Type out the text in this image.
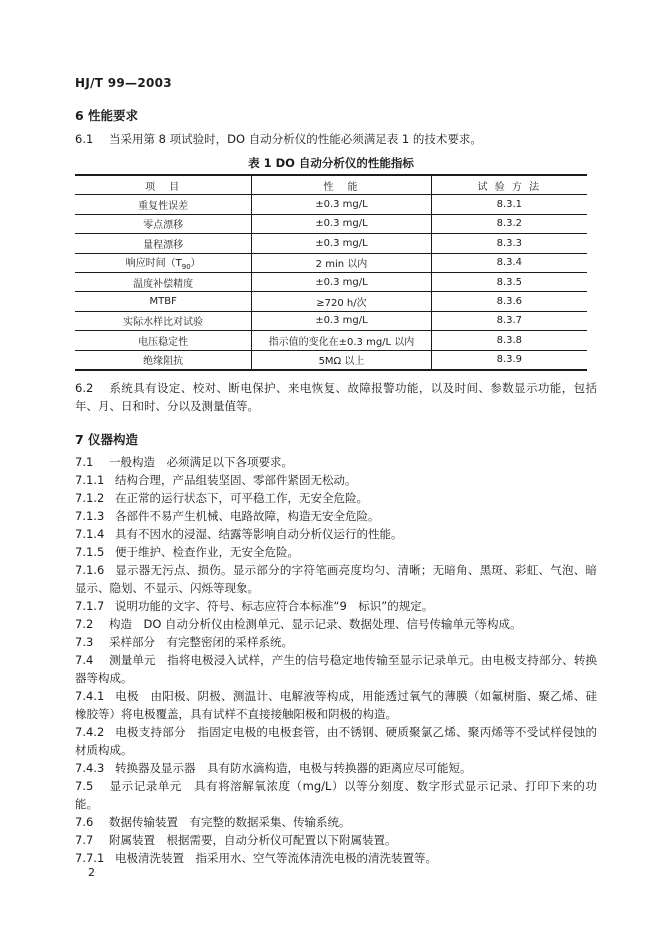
HJ/T 99—2003
6 性能要求
6.1 当采用第 8 项试验时，DO 自动分析仪的性能必须满足表 1 的技术要求。
表 1 DO 自动分析仪的性能指标
项　目	性　能	试 验 方 法
重复性误差	±0.3 mg/L	8.3.1
零点漂移	±0.3 mg/L	8.3.2
量程漂移	±0.3 mg/L	8.3.3
响应时间$(T_{90})$	2 min 以内	8.3.4
温度补偿精度	±0.3 mg/L	8.3.5
MTBF	≥720 h/次	8.3.6
实际水样比对试验	±0.3 mg/L	8.3.7
电压稳定性	指示值的变化在±0.3 mg/L 以内	8.3.8
绝缘阻抗	5MΩ 以上	8.3.9
6.2 系统具有设定、校对、断电保护、来电恢复、故障报警功能，以及时间、参数显示功能，包括年、月、日和时、分以及测量值等。
7 仪器构造
7.1 一般构造　必须满足以下各项要求。
7.1.1 结构合理，产品组装坚固、零部件紧固无松动。
7.1.2 在正常的运行状态下，可平稳工作，无安全危险。
7.1.3 各部件不易产生机械、电路故障，构造无安全危险。
7.1.4 具有不因水的浸湿、结露等影响自动分析仪运行的性能。
7.1.5 便于维护、检查作业，无安全危险。
7.1.6 显示器无污点、损伤。显示部分的字符笔画亮度均匀、清晰；无暗角、黑斑、彩虹、气泡、暗显示、隐划、不显示、闪烁等现象。
7.1.7 说明功能的文字、符号、标志应符合本标准“9　标识”的规定。
7.2 构造　DO 自动分析仪由检测单元、显示记录、数据处理、信号传输单元等构成。
7.3 采样部分　有完整密闭的采样系统。
7.4 测量单元　指将电极浸入试样，产生的信号稳定地传输至显示记录单元。由电极支持部分、转换器等构成。
7.4.1 电极　由阳极、阴极、测温计、电解液等构成，用能透过氧气的薄膜（如氟树脂、聚乙烯、硅橡胶等）将电极覆盖，具有试样不直接接触阳极和阴极的构造。
7.4.2 电极支持部分　指固定电极的电极套管，由不锈钢、硬质聚氯乙烯、聚丙烯等不受试样侵蚀的材质构成。
7.4.3 转换器及显示器　具有防水滴构造，电极与转换器的距离应尽可能短。
7.5 显示记录单元　具有将溶解氧浓度（mg/L）以等分刻度、数字形式显示记录、打印下来的功能。
7.6 数据传输装置　有完整的数据采集、传输系统。
7.7 附属装置　根据需要，自动分析仪可配置以下附属装置。
7.7.1 电极清洗装置　指采用水、空气等流体清洗电极的清洗装置等。
2
